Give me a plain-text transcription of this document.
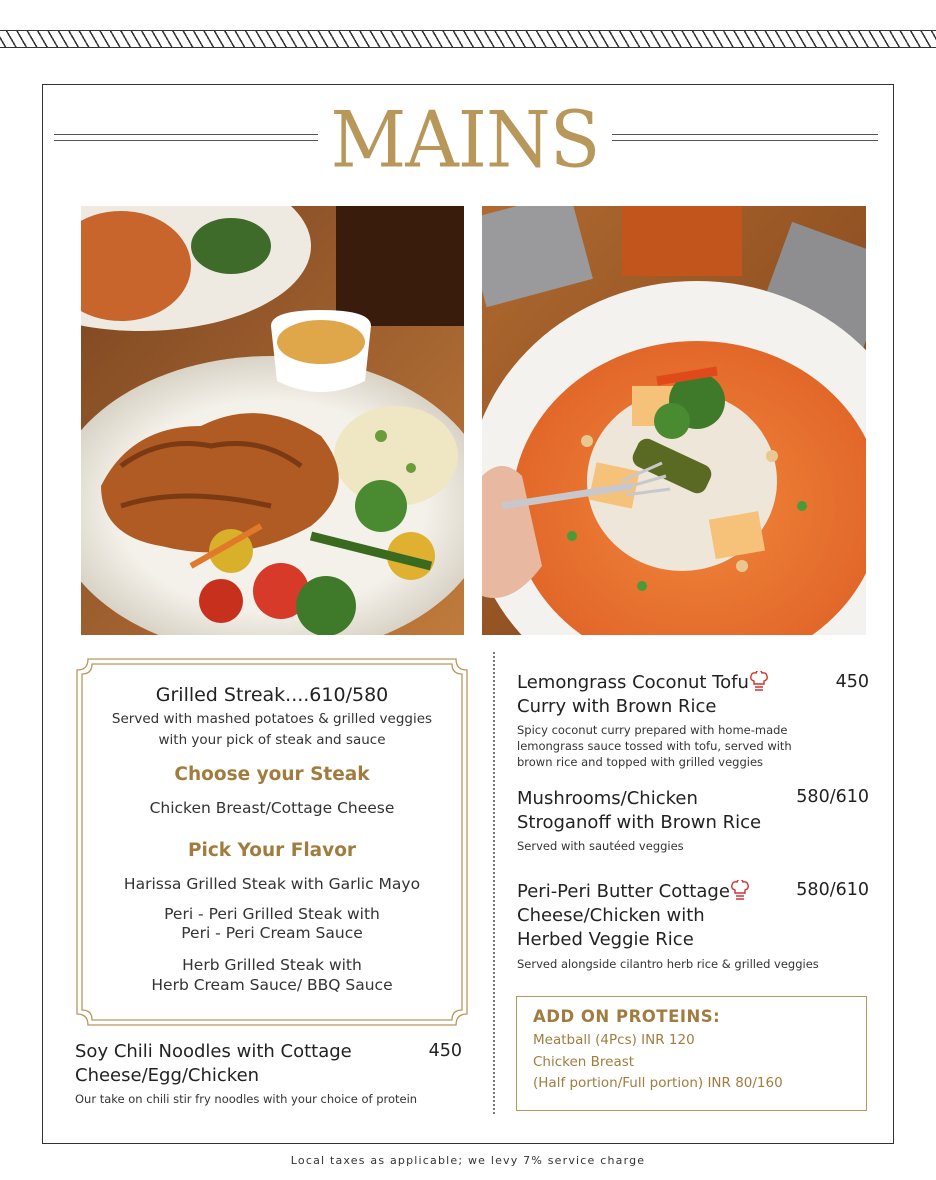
MAINS
Grilled Streak....610/580
Served with mashed potatoes & grilled veggies
with your pick of steak and sauce
Choose your Steak
Chicken Breast/Cottage Cheese
Pick Your Flavor
Harissa Grilled Steak with Garlic Mayo
Peri - Peri Grilled Steak with
Peri - Peri Cream Sauce
Herb Grilled Steak with
Herb Cream Sauce/ BBQ Sauce
Soy Chili Noodles with Cottage
Cheese/Egg/Chicken
450
Our take on chili stir fry noodles with your choice of protein
Lemongrass Coconut Tofu
Curry with Brown Rice
450
Spicy coconut curry prepared with home-made
lemongrass sauce tossed with tofu, served with
brown rice and topped with grilled veggies
Mushrooms/Chicken
Stroganoff with Brown Rice
580/610
Served with sautéed veggies
Peri-Peri Butter Cottage
Cheese/Chicken with
Herbed Veggie Rice
580/610
Served alongside cilantro herb rice & grilled veggies
ADD ON PROTEINS:
Meatball (4Pcs) INR 120
Chicken Breast
(Half portion/Full portion) INR 80/160
Local taxes as applicable; we levy 7% service charge
